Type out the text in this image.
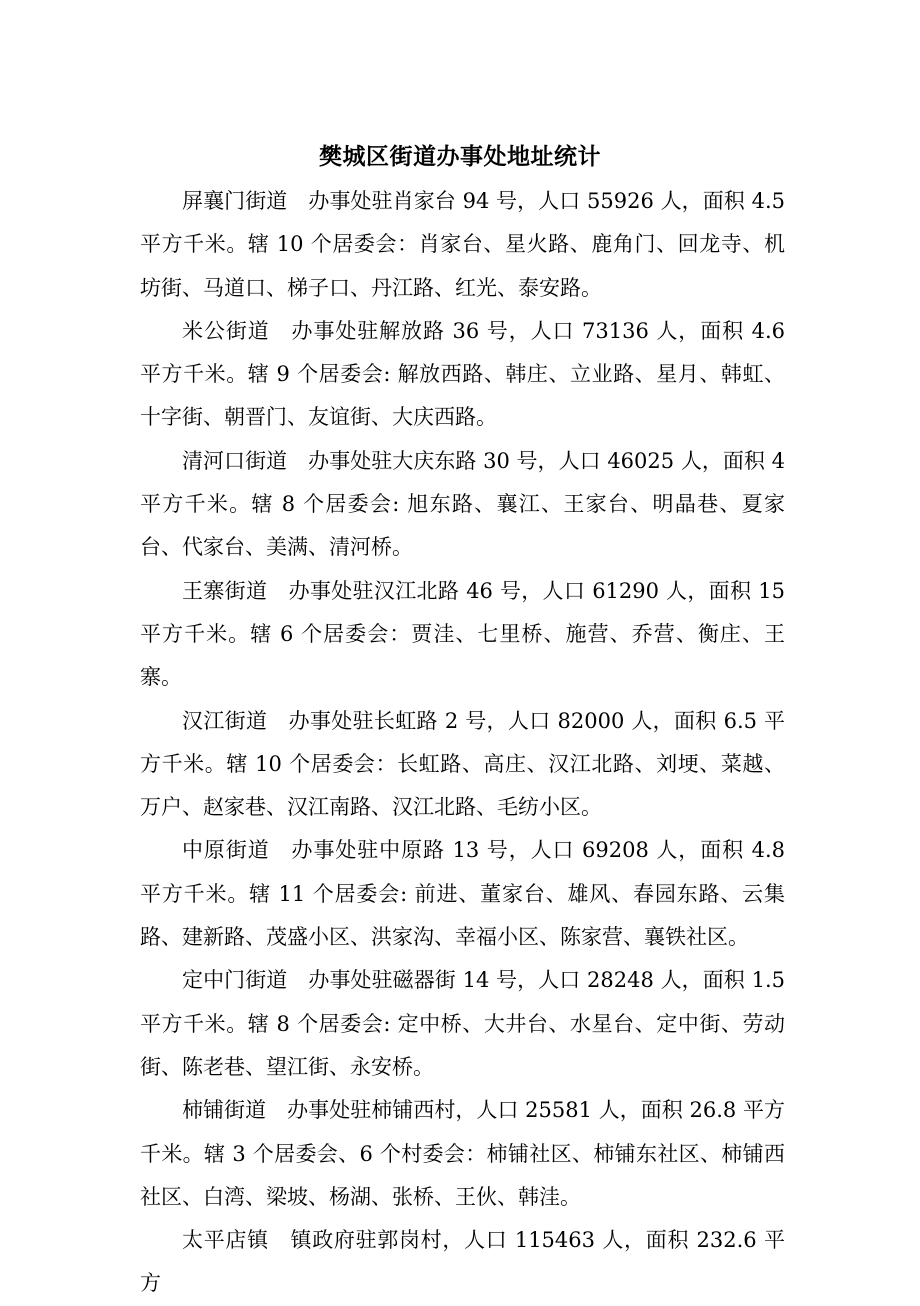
樊城区街道办事处地址统计

屏襄门街道 办事处驻肖家台 94 号，人口 55926 人，面积 4.5 平方千米。辖 10 个居委会：肖家台、星火路、鹿角门、回龙寺、机坊街、马道口、梯子口、丹江路、红光、泰安路。

米公街道 办事处驻解放路 36 号，人口 73136 人，面积 4.6 平方千米。辖 9 个居委会: 解放西路、韩庄、立业路、星月、韩虹、十字街、朝晋门、友谊街、大庆西路。

清河口街道 办事处驻大庆东路 30 号，人口 46025 人，面积 4 平方千米。辖 8 个居委会: 旭东路、襄江、王家台、明晶巷、夏家台、代家台、美满、清河桥。

王寨街道 办事处驻汉江北路 46 号，人口 61290 人，面积 15 平方千米。辖 6 个居委会：贾洼、七里桥、施营、乔营、衡庄、王寨。

汉江街道 办事处驻长虹路 2 号，人口 82000 人，面积 6.5 平方千米。辖 10 个居委会：长虹路、高庄、汉江北路、刘埂、菜越、万户、赵家巷、汉江南路、汉江北路、毛纺小区。

中原街道 办事处驻中原路 13 号，人口 69208 人，面积 4.8 平方千米。辖 11 个居委会: 前进、董家台、雄风、春园东路、云集路、建新路、茂盛小区、洪家沟、幸福小区、陈家营、襄铁社区。

定中门街道 办事处驻磁器街 14 号，人口 28248 人，面积 1.5 平方千米。辖 8 个居委会: 定中桥、大井台、水星台、定中街、劳动街、陈老巷、望江街、永安桥。

柿铺街道 办事处驻柿铺西村，人口 25581 人，面积 26.8 平方千米。辖 3 个居委会、6 个村委会：柿铺社区、柿铺东社区、柿铺西社区、白湾、梁坡、杨湖、张桥、王伙、韩洼。

太平店镇 镇政府驻郭岗村，人口 115463 人，面积 232.6 平方
